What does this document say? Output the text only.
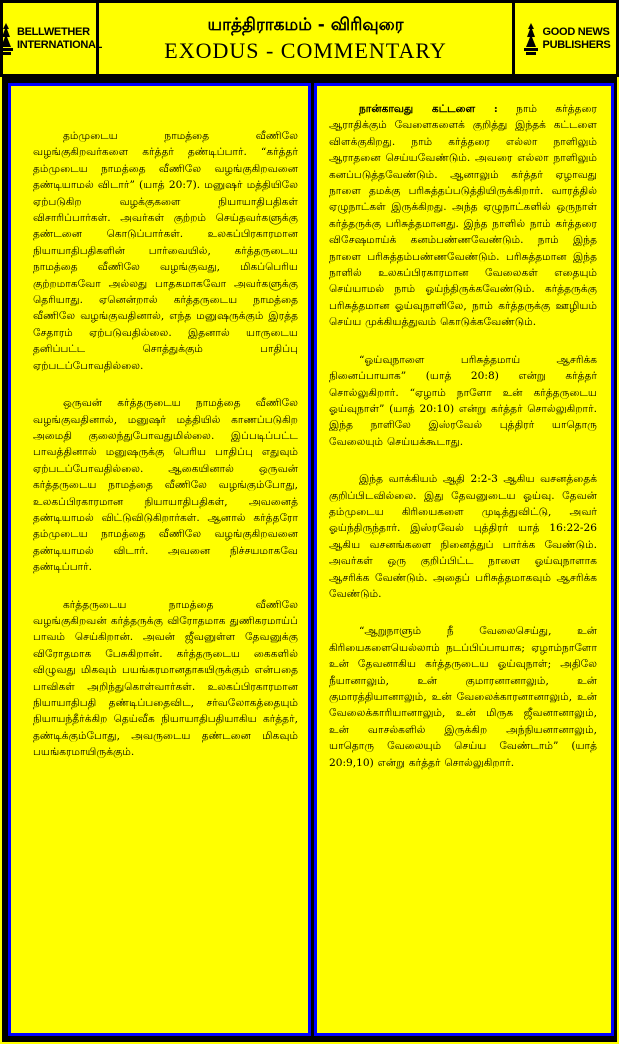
BELLWETHER
INTERNATIONAL
யாத்திராகமம் - விரிவுரை
EXODUS - COMMENTARY
GOOD NEWS
PUBLISHERS

தம்முடைய நாமத்தை வீணிலே வழங்குகிறவர்களை கர்த்தர் தண்டிப்பார். “கர்த்தர் தம்முடைய நாமத்தை வீணிலே வழங்குகிறவனை தண்டியாமல் விடார்” (யாத் 20:7). மனுஷர் மத்தியிலே ஏற்படுகிற வழக்குகளை நியாயாதிபதிகள் விசாரிப்பார்கள். அவர்கள் குற்றம் செய்தவர்களுக்கு தண்டனை கொடுப்பார்கள். உலகப்பிரகாரமான நியாயாதிபதிகளின் பார்வையில், கர்த்தருடைய நாமத்தை வீணிலே வழங்குவது, மிகப்பெரிய குற்றமாகவோ அல்லது பாதகமாகவோ அவர்களுக்கு தெரியாது. ஏனென்றால் கர்த்தருடைய நாமத்தை வீணிலே வழங்குவதினால், எந்த மனுஷருக்கும் இரத்த சேதாரம் ஏற்படுவதில்லை. இதனால் யாருடைய தனிப்பட்ட சொத்துக்கும் பாதிப்பு ஏற்படப்போவதில்லை.

ஒருவன் கர்த்தருடைய நாமத்தை வீணிலே வழங்குவதினால், மனுஷர் மத்தியில் காணப்படுகிற அமைதி குலைந்துபோவதுமில்லை. இப்படிப்பட்ட பாவத்தினால் மனுஷருக்கு பெரிய பாதிப்பு எதுவும் ஏற்படப்போவதில்லை. ஆகையினால் ஒருவன் கர்த்தருடைய நாமத்தை வீணிலே வழங்கும்போது, உலகப்பிரகாரமான நியாயாதிபதிகள், அவனைத் தண்டியாமல் விட்டுவிடுகிறார்கள். ஆனால் கர்த்தரோ தம்முடைய நாமத்தை வீணிலே வழங்குகிறவனை தண்டியாமல் விடார். அவனை நிச்சயமாகவே தண்டிப்பார்.

கர்த்தருடைய நாமத்தை வீணிலே வழங்குகிறவன் கர்த்தருக்கு விரோதமாக துணிகரமாய்ப் பாவம் செய்கிறான். அவன் ஜீவனுள்ள தேவனுக்கு விரோதமாக பேசுகிறான். கர்த்தருடைய கைகளில் விழுவது மிகவும் பயங்கரமானதாகயிருக்கும் என்பதை பாவிகள் அறிந்துகொள்வார்கள். உலகப்பிரகாரமான நியாயாதிபதி தண்டிப்பதைவிட, சர்வலோகத்தையும் நியாயந்தீர்க்கிற தெய்வீக நியாயாதிபதியாகிய கர்த்தர், தண்டிக்கும்போது, அவருடைய தண்டனை மிகவும் பயங்கரமாயிருக்கும்.

நான்காவது கட்டளை : நாம் கர்த்தரை ஆராதிக்கும் வேளைகளைக் குறித்து இந்தக் கட்டளை விளக்குகிறது. நாம் கர்த்தரை எல்லா நாளிலும் ஆராதனை செய்யவேண்டும். அவரை எல்லா நாளிலும் கனப்படுத்தவேண்டும். ஆனாலும் கர்த்தர் ஏழாவது நாளை தமக்கு பரிசுத்தப்படுத்தியிருக்கிறார். வாரத்தில் ஏழுநாட்கள் இருக்கிறது. அந்த ஏழுநாட்களில் ஒருநாள் கர்த்தருக்கு பரிசுத்தமானது. இந்த நாளில் நாம் கர்த்தரை விசேஷமாய்க் கனம்பண்ணவேண்டும். நாம் இந்த நாளை பரிசுத்தம்பண்ணவேண்டும். பரிசுத்தமான இந்த நாளில் உலகப்பிரகாரமான வேலைகள் எதையும் செய்யாமல் நாம் ஓய்ந்திருக்கவேண்டும். கர்த்தருக்கு பரிசுத்தமான ஓய்வுநாளிலே, நாம் கர்த்தருக்கு ஊழியம் செய்ய முக்கியத்துவம் கொடுக்கவேண்டும்.

“ஓய்வுநாளை பரிசுத்தமாய் ஆசரிக்க நினைப்பாயாக” (யாத் 20:8) என்று கர்த்தர் சொல்லுகிறார். “ஏழாம் நாளோ உன் கர்த்தருடைய ஓய்வுநாள்” (யாத் 20:10) என்று கர்த்தர் சொல்லுகிறார். இந்த நாளிலே இஸ்ரவேல் புத்திரர் யாதொரு வேலையும் செய்யக்கூடாது.

இந்த வாக்கியம் ஆதி 2:2-3 ஆகிய வசனத்தைக் குறிப்பிடவில்லை. இது தேவனுடைய ஓய்வு. தேவன் தம்முடைய கிரியைகளை முடித்துவிட்டு, அவர் ஓய்ந்திருந்தார். இஸ்ரவேல் புத்திரர் யாத் 16:22-26 ஆகிய வசனங்களை நினைத்துப் பார்க்க வேண்டும். அவர்கள் ஒரு குறிப்பிட்ட நாளை ஓய்வுநாளாக ஆசரிக்க வேண்டும். அதைப் பரிசுத்தமாகவும் ஆசரிக்க வேண்டும்.

“ஆறுநாளும் நீ வேலைசெய்து, உன் கிரியைகளையெல்லாம் நடப்பிப்பாயாக; ஏழாம்நாளோ உன் தேவனாகிய கர்த்தருடைய ஓய்வுநாள்; அதிலே நீயானாலும், உன் குமாரனானாலும், உன் குமாரத்தியானாலும், உன் வேலைக்காரனானாலும், உன் வேலைக்காரியானாலும், உன் மிருக ஜீவனானாலும், உன் வாசல்களில் இருக்கிற அந்நியனானாலும், யாதொரு வேலையும் செய்ய வேண்டாம்” (யாத் 20:9,10) என்று கர்த்தர் சொல்லுகிறார்.
